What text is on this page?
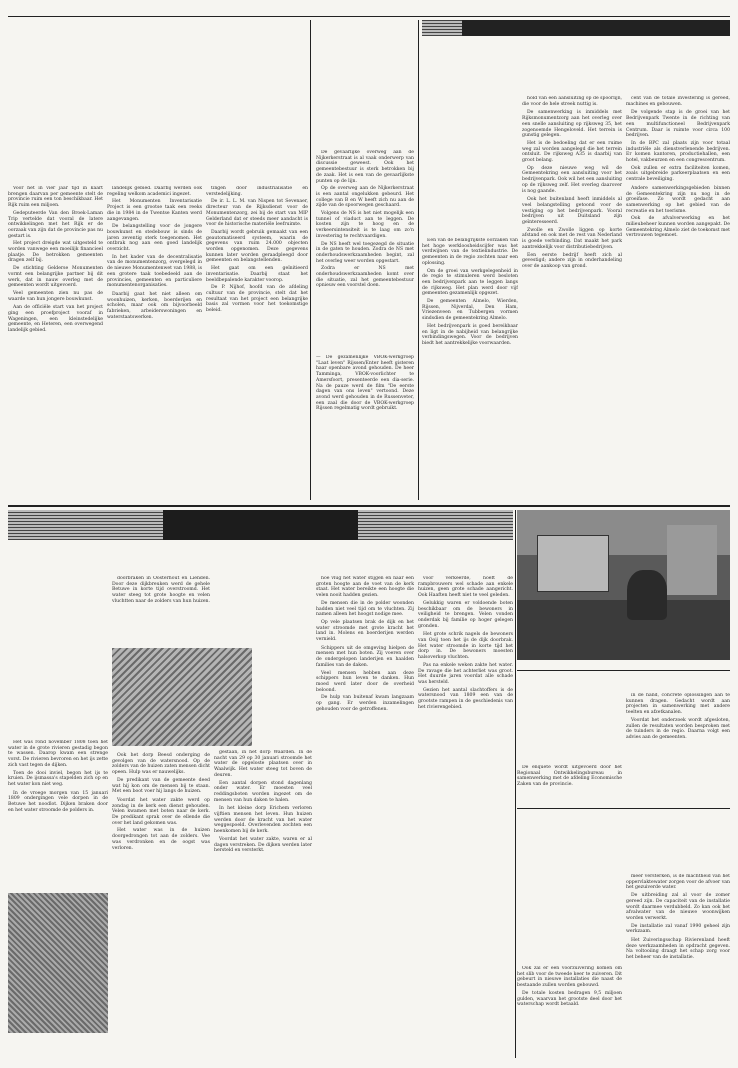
Voor het in vier jaar tijd in kaart brengen daarvan per gemeente stelt de provincie ruim een ton beschikbaar. Het Rijk ruim een miljoen.

Gedeputeerde Van den Broek-Laman Trip vertelde dat vooral de latere ontwikkelingen met het Rijk er de oorzaak van zijn dat de provincie pas nu gestart is.

Het project dreigde wat uitgesteld te worden vanwege een moeilijk financieel plaatje. De betrokken gemeenten dragen zelf bij.

De stichting Gelderse Monumenten vormt een belangrijke partner bij dit werk, dat in nauw overleg met de gemeenten wordt uitgevoerd.

Veel gemeenten zien nu pas de waarde van hun jongere bouwkunst.

Aan de officiële start van het project ging een proefproject vooraf in Wageningen, een kleinstedelijke gemeente, en Heteren, een overwegend landelijk gebied.

landelijk gebied. Daarbij werden ook regeling welkom academici ingezet.

Het Monumenten Inventarisatie Project is een grootse taak een reeks die in 1984 in de Twentse Kanten werd aangevangen.

De belangstelling voor de jongere bouwkunst en stedebouw is sinds de jaren zeventig sterk toegenomen. Het ontbrak nog aan een goed landelijk overzicht.

In het kader van de decentralisatie van de monumentenzorg, overgelegd in de nieuwe Monumentenwet van 1988, is een grotere taak toebedeeld aan de provincies, gemeenten en particuliere monumentenorganisaties.

Daarbij gaat het niet alleen om woonhuizen, kerken, boerderijen en scholen, maar ook om bijvoorbeeld fabrieken, arbeiderswoningen en waterstaatswerken.

tingen door industrialisatie en verstedelijking.

De ir. L. L. M. van Nispen tot Sevenaer, directeur van de Rijksdienst voor de Monumentenzorg, zei bij de start van MIP Gelderland dat er steeds meer aandacht is voor de historische materiële leefruimte.

Daarbij wordt gebruik gemaakt van een geautomatiseerd systeem, waarin de gegevens van ruim 24.000 objecten worden opgenomen. Deze gegevens kunnen later worden geraadpleegd door gemeenten en belangstellenden.

Het gaat om een geïnitieerd inventarisatie. Daarbij staat het beeldbepalende karakter voorop.

De P. Nijhof, hoofd van de afdeling cultuur van de provincie, stelt dat het resultaat van het project een belangrijke basis zal vormen voor het toekomstige beleid.

De gevaarlijke overweg aan de Nijkerkerstraat is al vaak onderwerp van discussie geweest. Ook het gemeentebestuur is sterk betrokken bij de zaak. Het is een van de gevaarlijkste punten op de lijn.

Op de overweg aan de Nijkerkerstraat is een aantal ongelukken gebeurd. Het college van B en W heeft zich nu aan de zijde van de spoorwegen geschaard.

Volgens de NS is het niet mogelijk een tunnel of viaduct aan te leggen. De kosten zijn te hoog en de verkeersintensiteit is te laag om zo'n investering te rechtvaardigen.

De NS heeft wel toegezegd de situatie in de gaten te houden. Zodra de NS met onderhoudswerkzaamheden begint, zal het overleg weer worden opgestart.

Zodra er NS met onderhoudswerkzaamheden komt over die situatie, zal het gemeentebestuur opnieuw een voorstel doen.

— De gezamenlijke VBOK-werkgroep "Laat leven" Rijssen/Enter heeft gisteren haar openbare avond gehouden. De heer Tamminga, VBOK-voorlichter te Amersfoort, presenteerde een dia-serie. Na de pauze werd de film "De eerste dagen van ons leven" vertoond. Deze avond werd gehouden in de Russenveter, een zaal die door de VBOK-werkgroep Rijssen regelmatig wordt gebruikt.

Een van de belangrijkste oorzaken van het hoge werkloosheidscijfer was het verdwijnen van de textielindustrie. De gemeenten in de regio zochten naar een oplossing.

Om de groei van werkgelegenheid in de regio te stimuleren werd besloten een bedrijvenpark aan te leggen langs de rijksweg. Het plan werd door vijf gemeenten gezamenlijk opgezet.

De gemeenten Almelo, Wierden, Rijssen, Nijverdal, Den Ham, Vriezenveen en Tubbergen vormen sindsdien de gemeentekring Almelo.

Het bedrijvenpark is goed bereikbaar en ligt in de nabijheid van belangrijke verbindingswegen. Voor de bedrijven biedt het aantrekkelijke voorwaarden.

hold van een aansluiting op de spoorlijn, die voor de hele streek nuttig is.

De samenwerking is inmiddels met Rijksmonumentzorg aan het overleg over een snelle aansluiting op rijksweg 35, het zogenoemde Hengeloveld. Het terrein is gunstig gelegen.

Het is de bedoeling dat er een ruime weg zal worden aangelegd die het terrein ontsluit. De rijksweg A35 is daarbij van groot belang.

Op deze nieuwe weg wil de Gemeentekring een aansluiting voor het bedrijvenpark. Ook wil het een aansluiting op de rijksweg zelf. Het overleg daarover is nog gaande.

Ook het buitenland heeft inmiddels al veel belangstelling getoond voor de vestiging op het bedrijvenpark. Vooral bedrijven uit Duitsland zijn geïnteresseerd.

Zwolle en Zwolle liggen op korte afstand en ook met de rest van Nederland is goede verbinding. Dat maakt het park aantrekkelijk voor distributiebedrijven.

Een eerste bedrijf heeft zich al gevestigd; andere zijn in onderhandeling over de aankoop van grond.

cent van de totale investering is gereed, machines en gebouwen.

De volgende stap is de groei van het Bedrijvenpark Twente in de richting van een multifunctioneel Bedrijvenpark Centrum. Daar is ruimte voor circa 100 bedrijven.

In de BPC zal plaats zijn voor totaal industriële als dienstverlenende bedrijven. Er komen kantoren, productiehallen, een hotel, vakbeurzen en een congrescentrum.

Ook zullen er extra faciliteiten komen, zoals uitgebreide parkeerplaatsen en een centrale beveiliging.

Andere samenwerkingsgebieden binnen de Gemeentekring zijn nu nog in de groeifase. Zo wordt gedacht aan samenwerking op het gebied van de recreatie en het toerisme.

Ook de afvalverwerking en het milieubeheer kunnen worden aangepakt. De Gemeentekring Almelo ziet de toekomst met vertrouwen tegemoet.

Het was rond november 1808 toen het water in de grote rivieren gestadig begon te wassen. Daarop kwam een strenge vorst. De rivieren bevroren en het ijs zette zich vast tegen de dijken.

Toen de dooi inviel, begon het ijs te kruien. De ijsmassa's stapelden zich op en het water kon niet weg.

In de vroege morgen van 15 januari 1809 ondergingen vele dorpen in de Betuwe het noodlot. Dijken braken door en het water stroomde de polders in.

doorbraken in Oosterhout en Lienden. Door deze dijkbreuken werd de gehele Betuwe in korte tijd overstroomd. Het water steeg tot grote hoogte en velen vluchtten naar de zolders van hun huizen.

Ook het dorp Beesd onderging de gevolgen van de watersnood. Op de zolders van de huizen zaten mensen dicht opeen. Hulp was er nauwelijks.

De predikant van de gemeente deed wat hij kon om de mensen bij te staan. Met een boot voer hij langs de huizen.

Voordat het water zakte werd op zondag in de kerk een dienst gehouden. Velen kwamen met boten naar de kerk. De predikant sprak over de ellende die over het land gekomen was.

Het water was in de huizen doorgedrongen tot aan de zolders. Vee was verdronken en de oogst was verloren.

gestaan, in het dorp Waarden. In de nacht van 29 op 30 januari stroomde het water de opgeloste plaatsen over in Waalwijk. Het water steeg tot boven de deuren.

Een aantal dorpen stond dagenlang onder water. Er moesten veel reddingsboten worden ingezet om de mensen van hun daken te halen.

In het kleine dorp Erichem verloren vijftien mensen het leven. Hun huizen werden door de kracht van het water weggespoeld. Overlevenden zochten een heenkomen bij de kerk.

Voordat het water zakte, waren er al dagen verstreken. De dijken werden later hersteld en versterkt.

hoe vlug het water stijgen en naar een groten hoogte aan de voet van de kerk staat. Het water bereikte een hoogte die velen nooit hadden gezien.

De mensen die in de polder woonden hadden niet veel tijd om te vluchten. Zij namen alleen het hoogst nodige mee.

Op vele plaatsen brak de dijk en het water stroomde met grote kracht het land in. Molens en boerderijen werden vernield.

Schippers uit de omgeving hielpen de mensen met hun boten. Zij voeren over de ondergelopen landerijen en haalden families van de daken.

Veel mensen hebben aan deze schippers hun leven te danken. Hun moed werd later door de overheid beloond.

De hulp van buitenaf kwam langzaam op gang. Er werden inzamelingen gehouden voor de getroffenen.

voor verkeerde, hoeft de rampbrouwers wel schade aan enkele huizen, geen grote schade aangericht. Ook Haaften heeft niet te veel geleden.

Gelukkig waren er voldoende boten beschikbaar om de bewoners in veiligheid te brengen. Velen vonden onderdak bij familie op hoger gelegen gronden.

Het grote schrik nagels de bewoners van Ooij toen het ijs de dijk doorbrak. Het water stroomde in korte tijd het dorp in. De bewoners moesten halsoverkop vluchten.

Pas na enkele weken zakte het water. De ravage die het achterliet was groot. Het duurde jaren voordat alle schade was hersteld.

Gezien het aantal slachtoffers is de watersnood van 1809 een van de grootste rampen in de geschiedenis van het rivierengebied.

De enquête wordt uitgevoerd door het Regionaal Ontwikkelingsbureau in samenwerking met de afdeling Economische Zaken van de provincie.

in de hand, concrete oplossingen aan te kunnen dragen. Gedacht wordt aan projecten in samenwerking met andere teelten en afzetkanalen.

Voordat het onderzoek wordt afgesloten, zullen de resultaten worden besproken met de tuinders in de regio. Daarna volgt een advies aan de gemeenten.

Ook zal er een voorzuivering komen om het slib voor de tweede keer te zuiveren. Dit gebeurt in nieuwe installaties die naast de bestaande zullen worden gebouwd.

De totale kosten bedragen 9,5 miljoen gulden, waarvan het grootste deel door het waterschap wordt betaald.

meer versterken, is de machtheid van het oppervlaktewater zorgen voor de afvoer van het gezuiverde water.

De uitbreiding zal al voor de zomer gereed zijn. De capaciteit van de installatie wordt daarmee verdubbeld. Zo kan ook het afvalwater van de nieuwe woonwijken worden verwerkt.

De installatie zal vanaf 1990 geheel zijn werkzaam.

Het Zuiveringsschap Rivierenland heeft deze werkzaamheden in opdracht gegeven. Na voltooiing draagt het schap zorg voor het beheer van de installatie.
